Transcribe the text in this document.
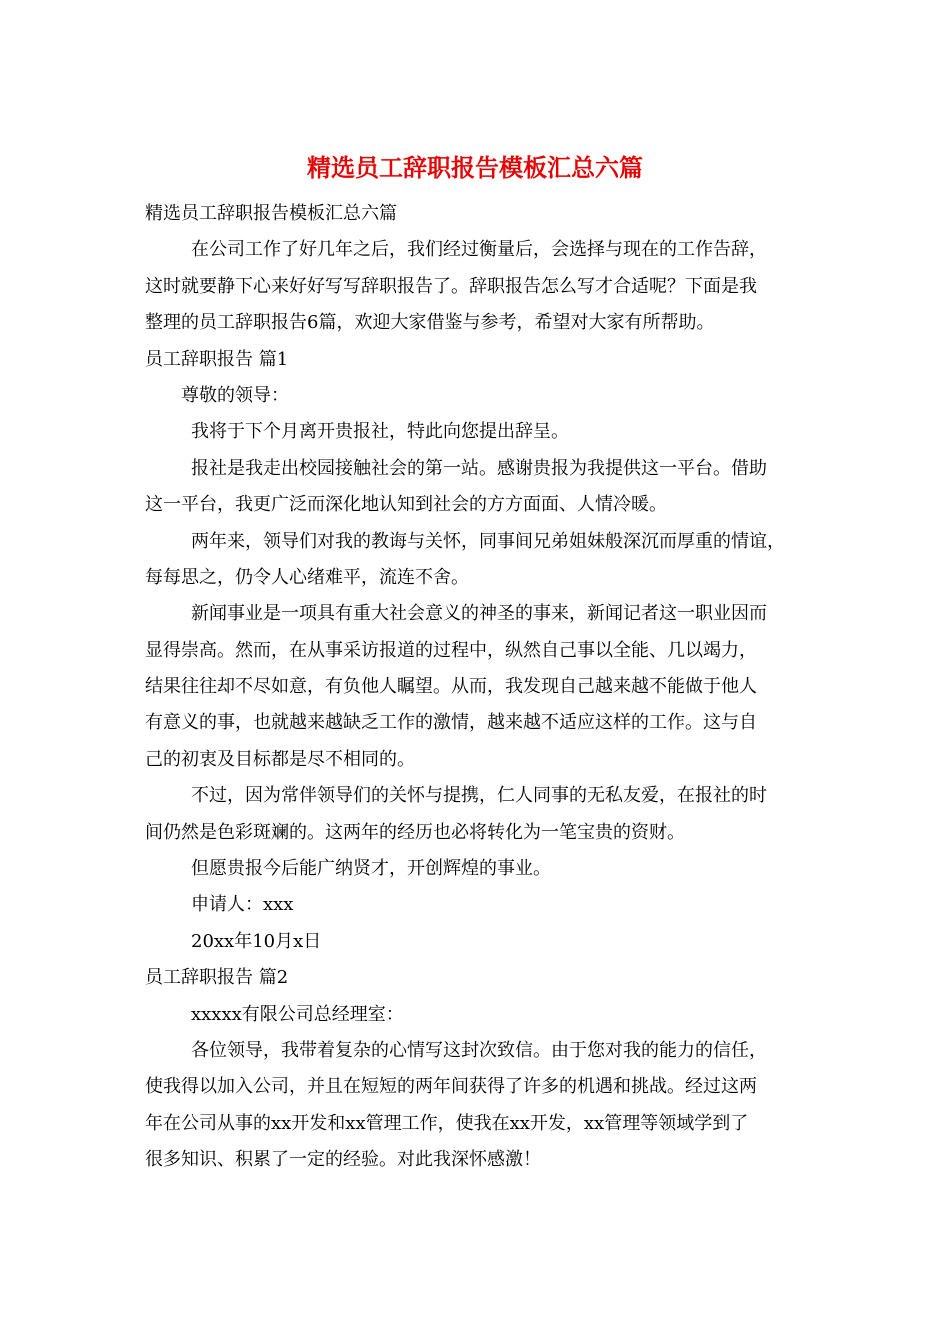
精选员工辞职报告模板汇总六篇

精选员工辞职报告模板汇总六篇

在公司工作了好几年之后，我们经过衡量后，会选择与现在的工作告辞，

这时就要静下心来好好写写辞职报告了。辞职报告怎么写才合适呢？下面是我

整理的员工辞职报告6篇，欢迎大家借鉴与参考，希望对大家有所帮助。

员工辞职报告 篇1

尊敬的领导：

我将于下个月离开贵报社，特此向您提出辞呈。

报社是我走出校园接触社会的第一站。感谢贵报为我提供这一平台。借助

这一平台，我更广泛而深化地认知到社会的方方面面、人情冷暖。

两年来，领导们对我的教诲与关怀，同事间兄弟姐妹般深沉而厚重的情谊，

每每思之，仍令人心绪难平，流连不舍。

新闻事业是一项具有重大社会意义的神圣的事来，新闻记者这一职业因而

显得崇高。然而，在从事采访报道的过程中，纵然自己事以全能、几以竭力，

结果往往却不尽如意，有负他人瞩望。从而，我发现自己越来越不能做于他人

有意义的事，也就越来越缺乏工作的激情，越来越不适应这样的工作。这与自

己的初衷及目标都是尽不相同的。

不过，因为常伴领导们的关怀与提携，仁人同事的无私友爱，在报社的时

间仍然是色彩斑斓的。这两年的经历也必将转化为一笔宝贵的资财。

但愿贵报今后能广纳贤才，开创辉煌的事业。

申请人：xxx

20xx年10月x日

员工辞职报告 篇2

xxxxx有限公司总经理室：

各位领导，我带着复杂的心情写这封次致信。由于您对我的能力的信任，

使我得以加入公司，并且在短短的两年间获得了许多的机遇和挑战。经过这两

年在公司从事的xx开发和xx管理工作，使我在xx开发，xx管理等领域学到了

很多知识、积累了一定的经验。对此我深怀感激！
